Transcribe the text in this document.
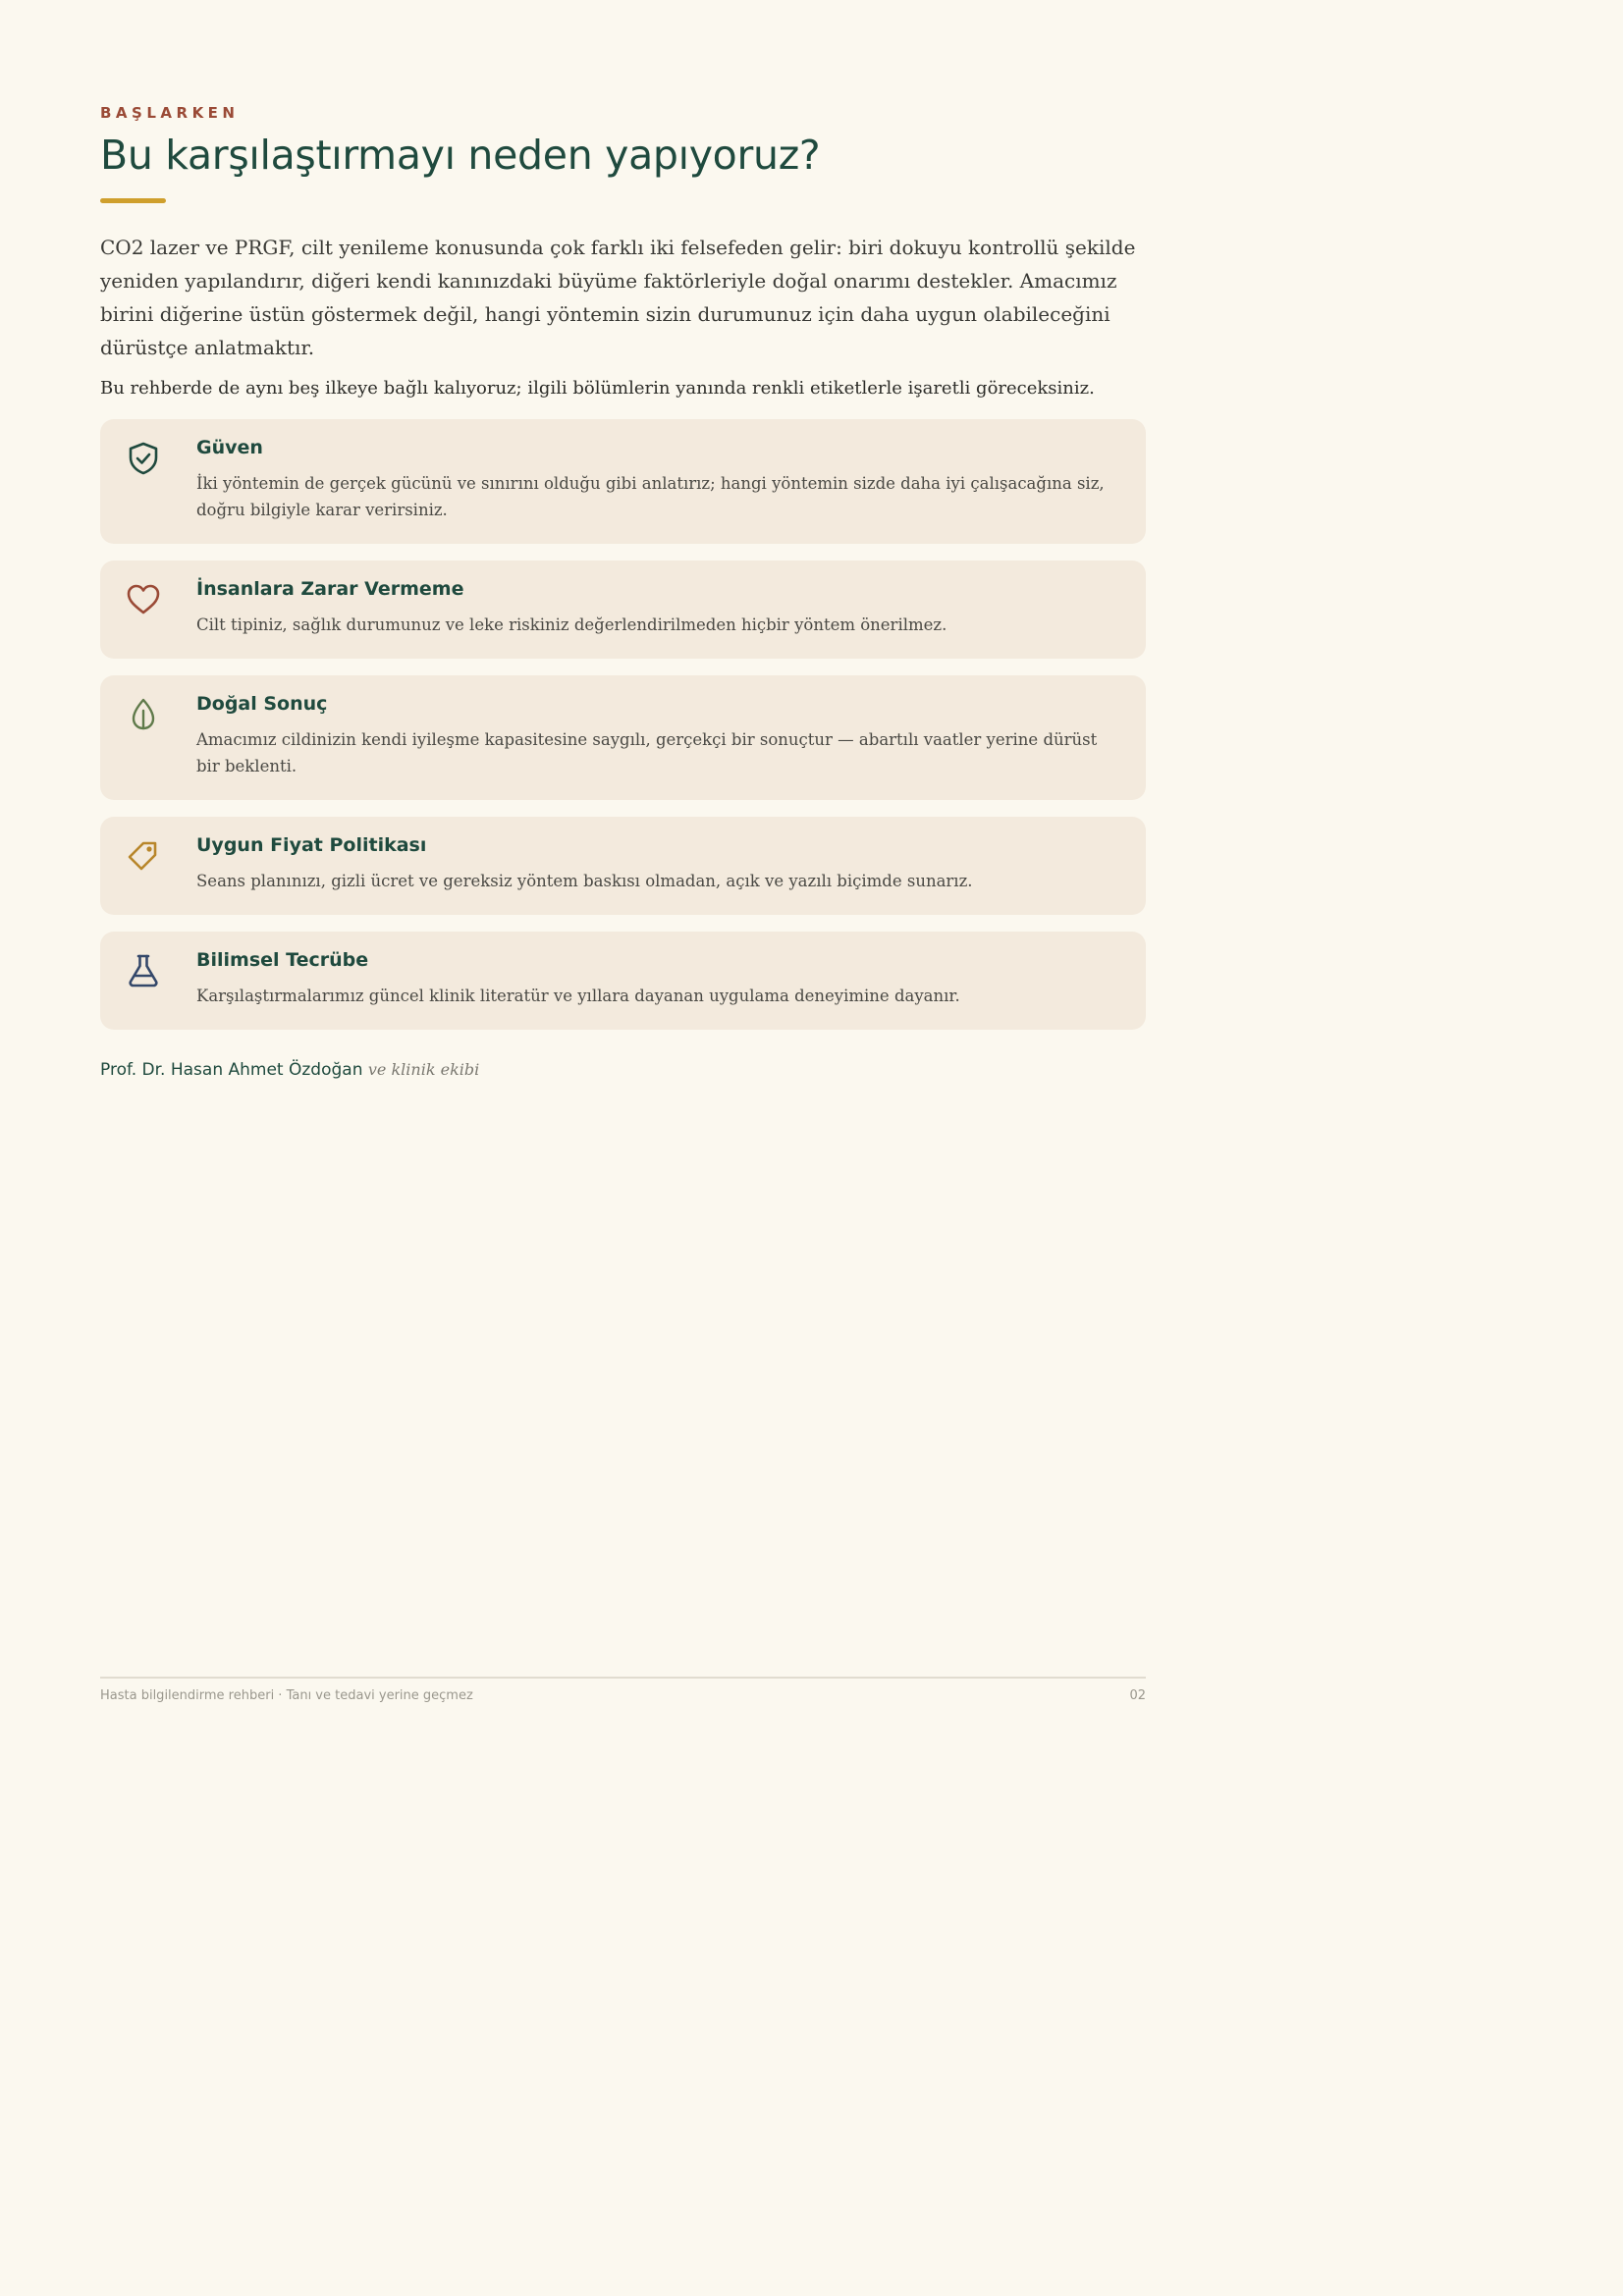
BAŞLARKEN
Bu karşılaştırmayı neden yapıyoruz?

CO2 lazer ve PRGF, cilt yenileme konusunda çok farklı iki felsefeden gelir: biri dokuyu kontrollü şekilde yeniden yapılandırır, diğeri kendi kanınızdaki büyüme faktörleriyle doğal onarımı destekler. Amacımız birini diğerine üstün göstermek değil, hangi yöntemin sizin durumunuz için daha uygun olabileceğini dürüstçe anlatmaktır.

Bu rehberde de aynı beş ilkeye bağlı kalıyoruz; ilgili bölümlerin yanında renkli etiketlerle işaretli göreceksiniz.

Güven

İki yöntemin de gerçek gücünü ve sınırını olduğu gibi anlatırız; hangi yöntemin sizde daha iyi çalışacağına siz, doğru bilgiyle karar verirsiniz.

İnsanlara Zarar Vermeme

Cilt tipiniz, sağlık durumunuz ve leke riskiniz değerlendirilmeden hiçbir yöntem önerilmez.

Doğal Sonuç

Amacımız cildinizin kendi iyileşme kapasitesine saygılı, gerçekçi bir sonuçtur — abartılı vaatler yerine dürüst bir beklenti.

Uygun Fiyat Politikası

Seans planınızı, gizli ücret ve gereksiz yöntem baskısı olmadan, açık ve yazılı biçimde sunarız.

Bilimsel Tecrübe

Karşılaştırmalarımız güncel klinik literatür ve yıllara dayanan uygulama deneyimine dayanır.

Prof. Dr. Hasan Ahmet Özdoğan ve klinik ekibi
Hasta bilgilendirme rehberi · Tanı ve tedavi yerine geçmez	02
